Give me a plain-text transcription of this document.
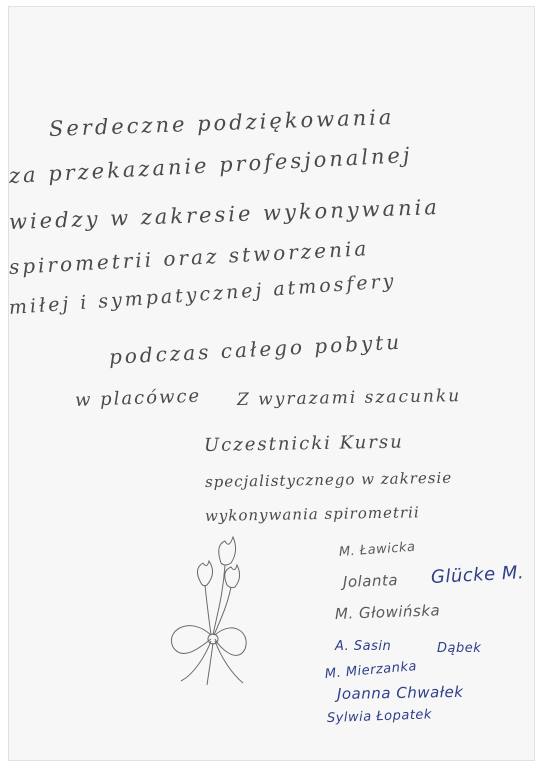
Serdeczne podziękowania
za przekazanie profesjonalnej
wiedzy w zakresie wykonywania
spirometrii oraz stworzenia
miłej i sympatycznej atmosfery
podczas całego pobytu
w placówce Z wyrazami szacunku
Uczestnicki Kursu
specjalistycznego w zakresie
wykonywania spirometrii
M. Ławicka
Jolanta Glücke M.
M. Głowińska
A. Sasin	Dąbek
M. Mierzanka
Joanna Chwałek
Sylwia Łopatek
